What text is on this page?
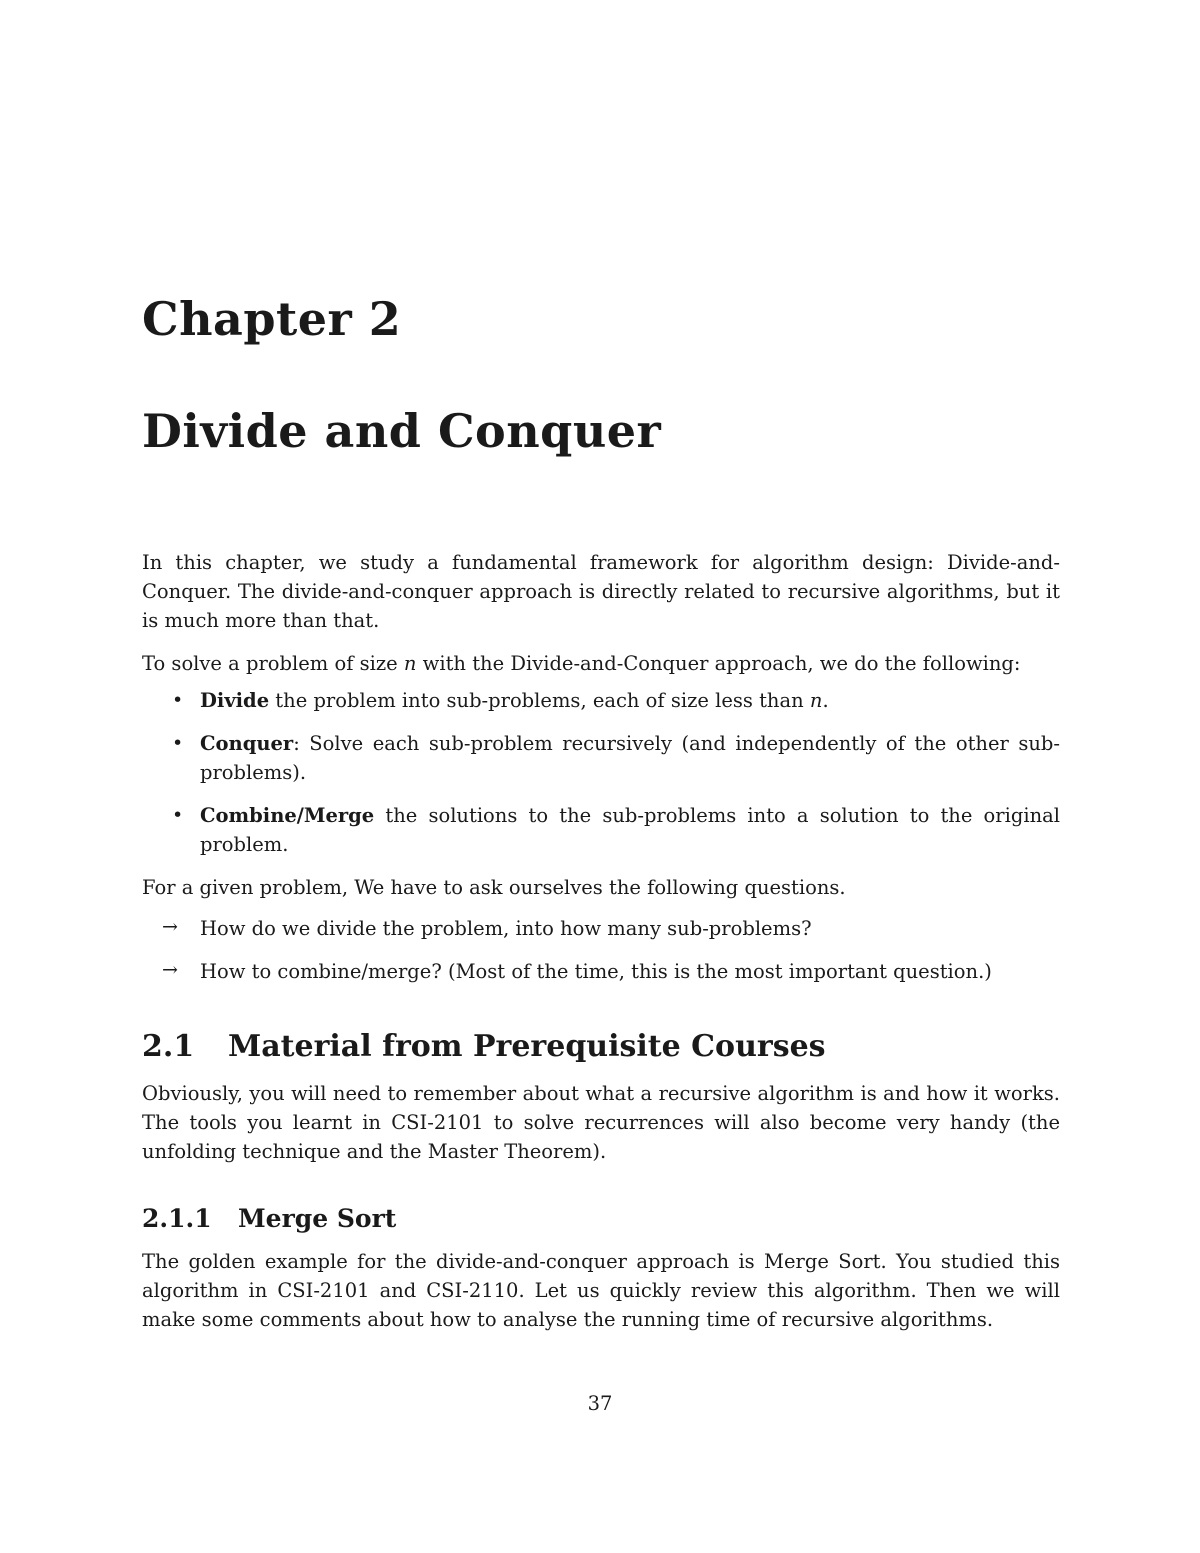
Chapter 2
Divide and Conquer

In this chapter, we study a fundamental framework for algorithm design: Divide-and-Conquer. The divide-and-conquer approach is directly related to recursive algorithms, but it is much more than that.

To solve a problem of size n with the Divide-and-Conquer approach, we do the following:

• Divide the problem into sub-problems, each of size less than n.
• Conquer: Solve each sub-problem recursively (and independently of the other sub-problems).
• Combine/Merge the solutions to the sub-problems into a solution to the original problem.

For a given problem, We have to ask ourselves the following questions.

→ How do we divide the problem, into how many sub-problems?
→ How to combine/merge? (Most of the time, this is the most important question.)
2.1 Material from Prerequisite Courses

Obviously, you will need to remember about what a recursive algorithm is and how it works. The tools you learnt in CSI-2101 to solve recurrences will also become very handy (the unfolding technique and the Master Theorem).

2.1.1 Merge Sort

The golden example for the divide-and-conquer approach is Merge Sort. You studied this algorithm in CSI-2101 and CSI-2110. Let us quickly review this algorithm. Then we will make some comments about how to analyse the running time of recursive algorithms.

37
